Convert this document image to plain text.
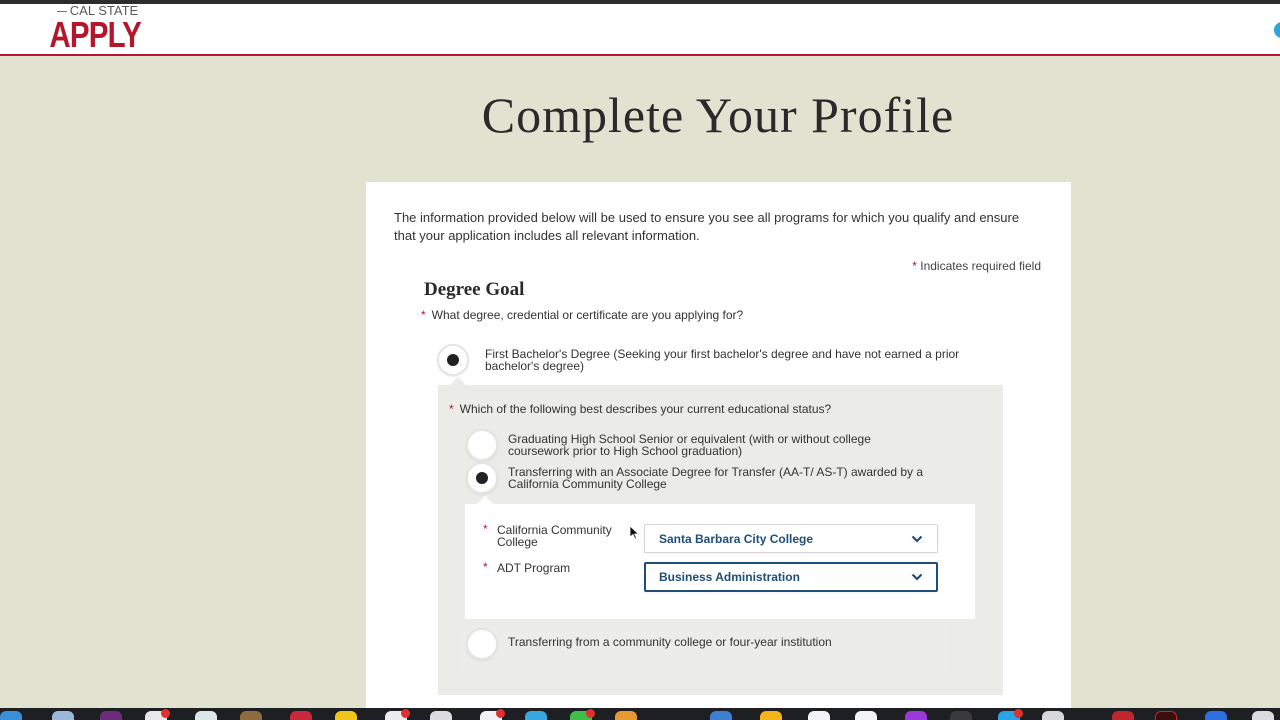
CAL STATE
APPLY
Complete Your Profile
The information provided below will be used to ensure you see all programs for which you qualify and ensure that your application includes all relevant information.
* Indicates required field
Degree Goal
* What degree, credential or certificate are you applying for?
First Bachelor's Degree (Seeking your first bachelor's degree and have not earned a prior bachelor's degree)
* Which of the following best describes your current educational status?
Graduating High School Senior or equivalent (with or without college coursework prior to High School graduation)
Transferring with an Associate Degree for Transfer (AA-T/ AS-T) awarded by a California Community College
* California Community College	Santa Barbara City College
* ADT Program
Business Administration
Transferring from a community college or four-year institution
